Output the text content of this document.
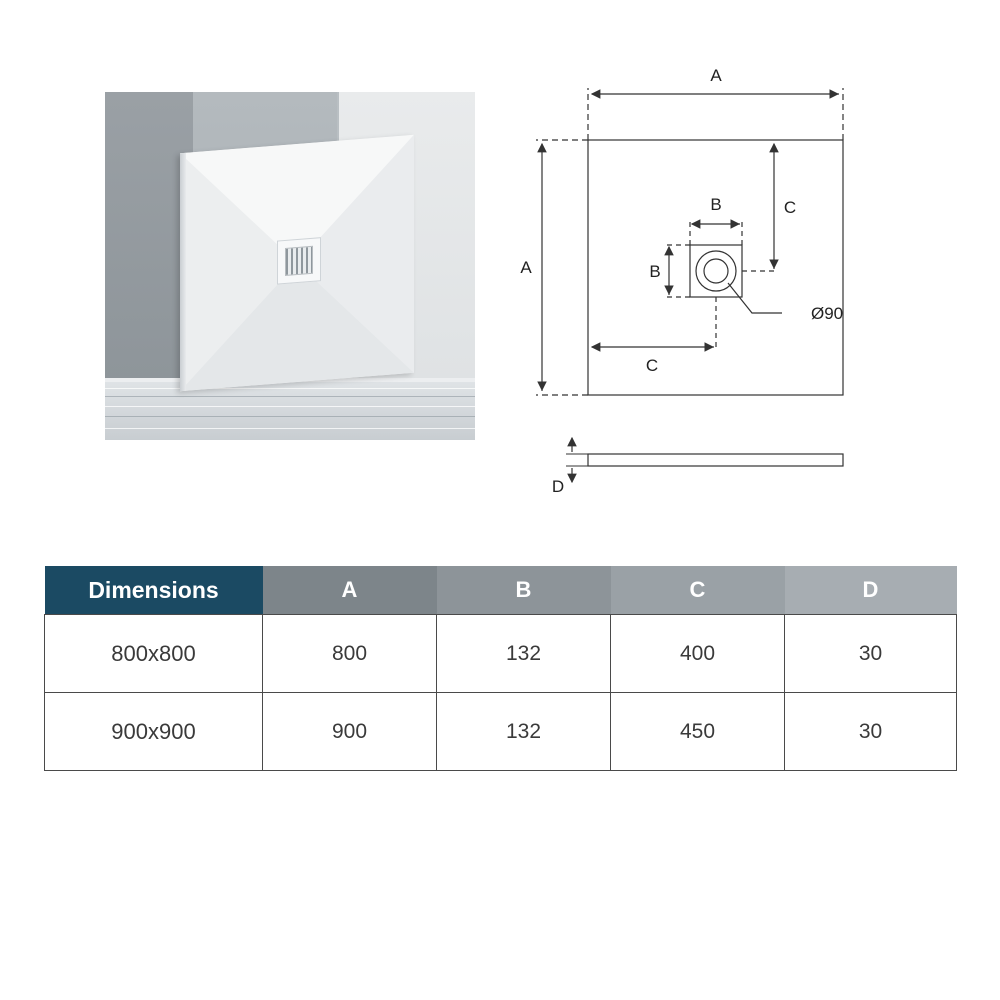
A
A
B
B
C
C
Ø90
D
Dimensions	A	B	C	D
800x800	800	132	400	30
900x900	900	132	450	30
